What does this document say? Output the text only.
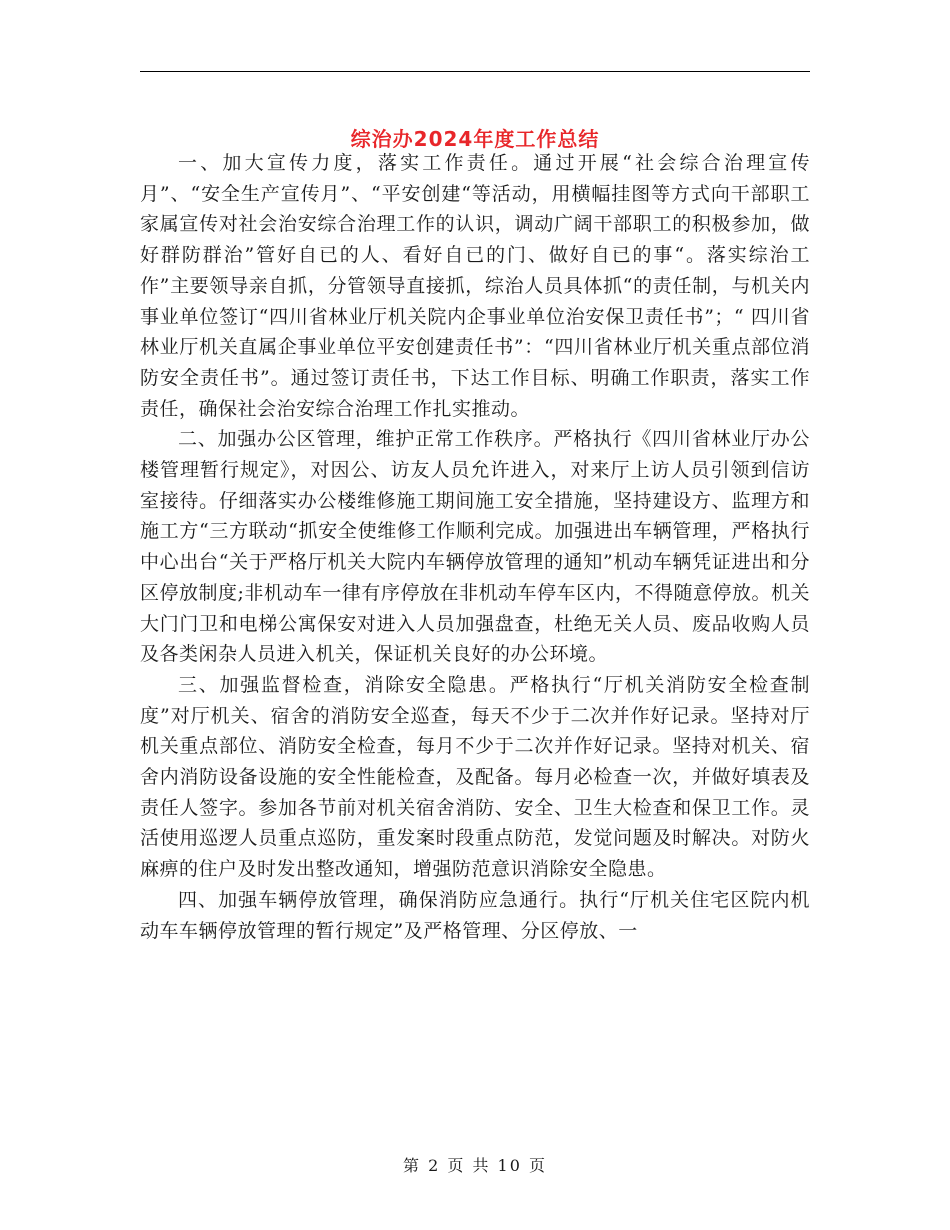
综治办2024年度工作总结

一、加大宣传力度，落实工作责任。通过开展“社会综合治理宣传月”、“安全生产宣传月”、“平安创建“等活动，用横幅挂图等方式向干部职工家属宣传对社会治安综合治理工作的认识，调动广阔干部职工的积极参加，做好群防群治”管好自已的人、看好自已的门、做好自已的事“。落实综治工作”主要领导亲自抓，分管领导直接抓，综治人员具体抓“的责任制，与机关内事业单位签订“四川省林业厅机关院内企事业单位治安保卫责任书”；“ 四川省林业厅机关直属企事业单位平安创建责任书”：“四川省林业厅机关重点部位消防安全责任书”。通过签订责任书，下达工作目标、明确工作职责，落实工作责任，确保社会治安综合治理工作扎实推动。

二、加强办公区管理，维护正常工作秩序。严格执行《四川省林业厅办公楼管理暂行规定》，对因公、访友人员允许进入，对来厅上访人员引领到信访室接待。仔细落实办公楼维修施工期间施工安全措施，坚持建设方、监理方和施工方“三方联动“抓安全使维修工作顺利完成。加强进出车辆管理，严格执行中心出台“关于严格厅机关大院内车辆停放管理的通知”机动车辆凭证进出和分区停放制度;非机动车一律有序停放在非机动车停车区内，不得随意停放。机关大门门卫和电梯公寓保安对进入人员加强盘查，杜绝无关人员、废品收购人员及各类闲杂人员进入机关，保证机关良好的办公环境。

三、加强监督检查，消除安全隐患。严格执行“厅机关消防安全检查制度”对厅机关、宿舍的消防安全巡查，每天不少于二次并作好记录。坚持对厅机关重点部位、消防安全检查，每月不少于二次并作好记录。坚持对机关、宿舍内消防设备设施的安全性能检查，及配备。每月必检查一次，并做好填表及责任人签字。参加各节前对机关宿舍消防、安全、卫生大检查和保卫工作。灵活使用巡逻人员重点巡防，重发案时段重点防范，发觉问题及时解决。对防火麻痹的住户及时发出整改通知，增强防范意识消除安全隐患。

四、加强车辆停放管理，确保消防应急通行。执行“厅机关住宅区院内机动车车辆停放管理的暂行规定”及严格管理、分区停放、一

第 2 页 共 10 页
